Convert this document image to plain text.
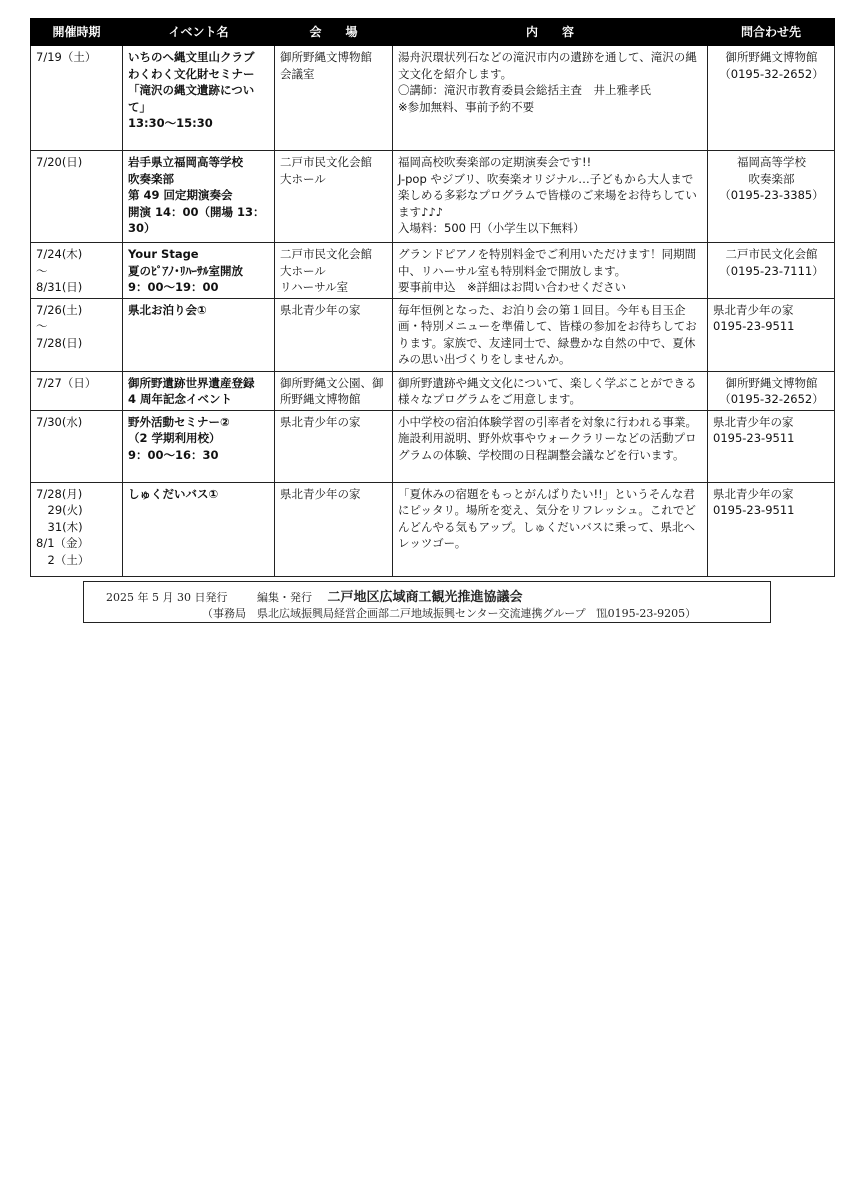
開催時期	イベント名	会　　場	内　　容	問合わせ先
7/19（土）	いちのへ縄文里山クラブ
わくわく文化財セミナー
「滝沢の縄文遺跡について」
13:30～15:30	御所野縄文博物館
会議室	湯舟沢環状列石などの滝沢市内の遺跡を通して、滝沢の縄文文化を紹介します。
〇講師：滝沢市教育委員会総括主査　井上雅孝氏
※参加無料、事前予約不要	御所野縄文博物館
（0195-32-2652）
7/20(日)	岩手県立福岡高等学校
吹奏楽部
第 49 回定期演奏会
開演 14：00（開場 13：30）	二戸市民文化会館
大ホール	福岡高校吹奏楽部の定期演奏会です!!
J-pop やジブリ、吹奏楽オリジナル…子どもから大人まで楽しめる多彩なプログラムで皆様のご来場をお待ちしています♪♪♪
入場料：500 円（小学生以下無料）	福岡高等学校
吹奏楽部
（0195-23-3385）
7/24(木)
～
8/31(日)	Your Stage
夏のﾋﾟｱﾉ･ﾘﾊｰｻﾙ室開放
9：00～19：00	二戸市民文化会館
大ホール
リハーサル室	グランドピアノを特別料金でご利用いただけます！同期間中、リハーサル室も特別料金で開放します。
要事前申込　※詳細はお問い合わせください	二戸市民文化会館
（0195-23-7111）
7/26(土)
～
7/28(日)	県北お泊り会①	県北青少年の家	毎年恒例となった、お泊り会の第１回目。今年も目玉企画・特別メニューを準備して、皆様の参加をお待ちしております。家族で、友達同士で、緑豊かな自然の中で、夏休みの思い出づくりをしませんか。	県北青少年の家
0195-23-9511
7/27（日）	御所野遺跡世界遺産登録
4 周年記念イベント	御所野縄文公園、御所野縄文博物館	御所野遺跡や縄文文化について、楽しく学ぶことができる様々なプログラムをご用意します。	御所野縄文博物館
（0195-32-2652）
7/30(水)	野外活動セミナー②
（2 学期利用校）
9：00～16：30	県北青少年の家	小中学校の宿泊体験学習の引率者を対象に行われる事業。施設利用説明、野外炊事やウォークラリーなどの活動プログラムの体験、学校間の日程調整会議などを行います。	県北青少年の家
0195-23-9511
7/28(月)
　29(火)
　31(木)
8/1（金）
　2（土）	しゅくだいバス①	県北青少年の家	「夏休みの宿題をもっとがんばりたい!!」というそんな君にピッタリ。場所を変え、気分をリフレッシュ。これでどんどんやる気もアップ。しゅくだいバスに乗って、県北へレッツゴー。	県北青少年の家
0195-23-9511
2025 年 5 月 30 日発行	編集・発行 二戸地区広域商工観光推進協議会
（事務局　県北広域振興局経営企画部二戸地域振興センター交流連携グループ　℡0195-23-9205）
